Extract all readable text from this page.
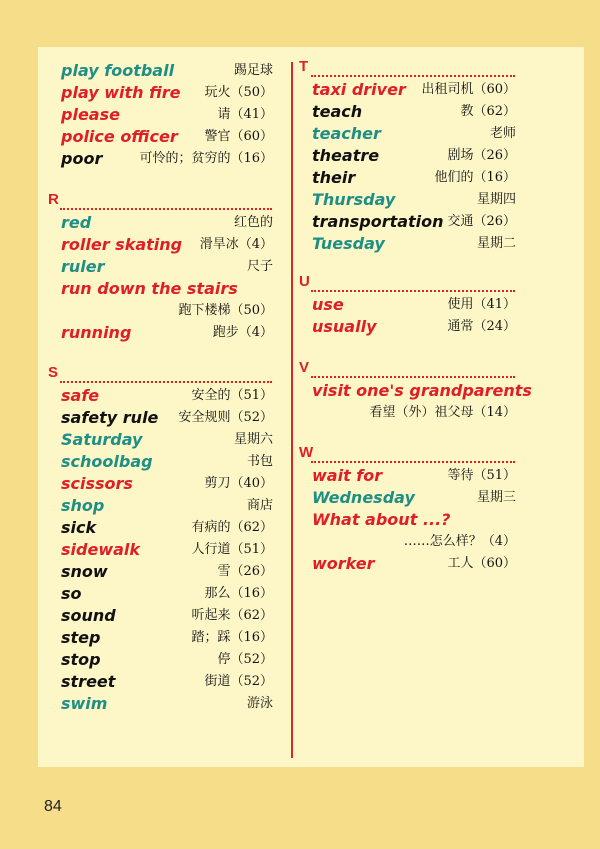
play football	踢足球
play with fire 玩火（50）
please	请（41）
police officer 警官（60）
poor	可怜的；贫穷的（16）
R
red	红色的
roller skating 滑旱冰（4）
ruler	尺子
run down the stairs
跑下楼梯（50）
running	跑步（4）
S
safe	安全的（51）
safety rule 安全规则（52）
Saturday	星期六
schoolbag	书包
scissors	剪刀（40）
shop	商店
sick	有病的（62）
sidewalk	人行道（51）
snow	雪（26）
so	那么（16）
sound	听起来（62）
step	踏；踩（16）
stop	停（52）
street	街道（52）
swim	游泳
T
taxi driver 出租司机（60）
teach	教（62）
teacher	老师
theatre	剧场（26）
their	他们的（16）
Thursday	星期四
transportation 交通（26）
Tuesday	星期二
U
use	使用（41）
usually	通常（24）
V
visit one's grandparents
看望（外）祖父母（14）
W
wait for	等待（51）
Wednesday	星期三
What about ...?
……怎么样？（4）
worker	工人（60）
84
